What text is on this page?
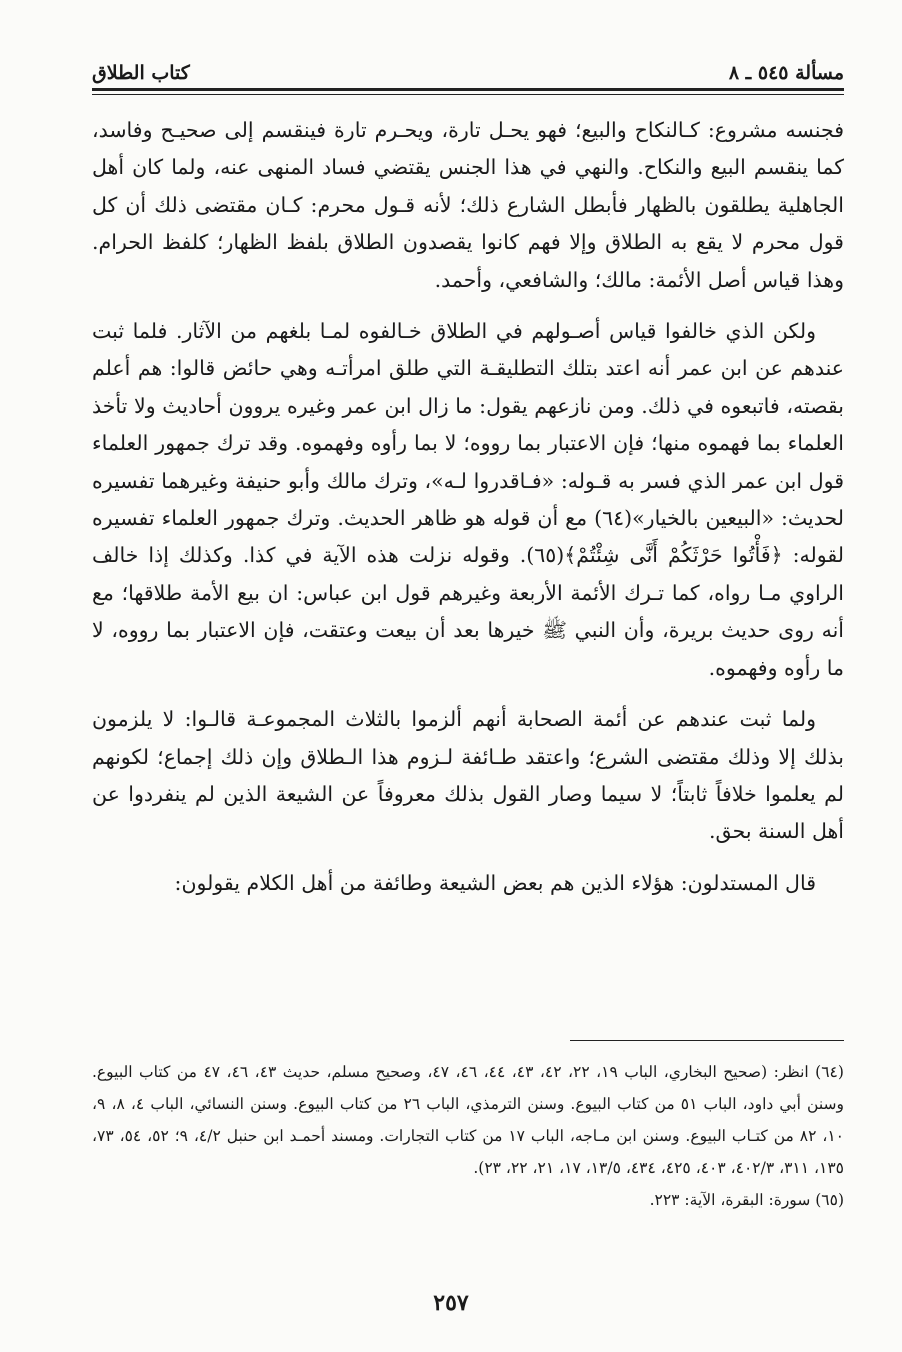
مسألة ٥٤٥ ـ ٨
كتاب الطلاق

فجنسه مشروع: كـالنكاح والبيع؛ فهو يحـل تارة، ويحـرم تارة فينقسم إلى صحيـح وفاسد، كما ينقسم البيع والنكاح. والنهي في هذا الجنس يقتضي فساد المنهى عنه، ولما كان أهل الجاهلية يطلقون بالظهار فأبطل الشارع ذلك؛ لأنه قـول محرم: كـان مقتضى ذلك أن كل قول محرم لا يقع به الطلاق وإلا فهم كانوا يقصدون الطلاق بلفظ الظهار؛ كلفظ الحرام. وهذا قياس أصل الأئمة: مالك؛ والشافعي، وأحمد.

ولكن الذي خالفوا قياس أصـولهم في الطلاق خـالفوه لمـا بلغهم من الآثار. فلما ثبت عندهم عن ابن عمر أنه اعتد بتلك التطليقـة التي طلق امرأتـه وهي حائض قالوا: هم أعلم بقصته، فاتبعوه في ذلك. ومن نازعهم يقول: ما زال ابن عمر وغيره يروون أحاديث ولا تأخذ العلماء بما فهموه منها؛ فإن الاعتبار بما رووه؛ لا بما رأوه وفهموه. وقد ترك جمهور العلماء قول ابن عمر الذي فسر به قـوله: «فـاقدروا لـه»، وترك مالك وأبو حنيفة وغيرهما تفسيره لحديث: «البيعين بالخيار»(٦٤) مع أن قوله هو ظاهر الحديث. وترك جمهور العلماء تفسيره لقوله: ﴿فَأْتُوا حَرْثَكُمْ أَنَّى شِئْتُمْ﴾(٦٥). وقوله نزلت هذه الآية في كذا. وكذلك إذا خالف الراوي مـا رواه، كما تـرك الأئمة الأربعة وغيرهم قول ابن عباس: ان بيع الأمة طلاقها؛ مع أنه روى حديث بريرة، وأن النبي ﷺ خيرها بعد أن بيعت وعتقت، فإن الاعتبار بما رووه، لا ما رأوه وفهموه.

ولما ثبت عندهم عن أئمة الصحابة أنهم ألزموا بالثلاث المجموعـة قالـوا: لا يلزمون بذلك إلا وذلك مقتضى الشرع؛ واعتقد طـائفة لـزوم هذا الـطلاق وإن ذلك إجماع؛ لكونهم لم يعلموا خلافاً ثابتاً؛ لا سيما وصار القول بذلك معروفاً عن الشيعة الذين لم ينفردوا عن أهل السنة بحق.

قال المستدلون: هؤلاء الذين هم بعض الشيعة وطائفة من أهل الكلام يقولون:

(٦٤) انظر: (صحيح البخاري، الباب ١٩، ٢٢، ٤٢، ٤٣، ٤٤، ٤٦، ٤٧، وصحيح مسلم، حديث ٤٣، ٤٦، ٤٧ من كتاب البيوع. وسنن أبي داود، الباب ٥١ من كتاب البيوع. وسنن الترمذي، الباب ٢٦ من كتاب البيوع. وسنن النسائي، الباب ٤، ٨، ٩، ١٠، ٨٢ من كتـاب البيوع. وسنن ابن مـاجه، الباب ١٧ من كتاب التجارات. ومسند أحمـد ابن حنبل ٤/٢، ٩؛ ٥٢، ٥٤، ٧٣، ١٣٥، ٣١١، ٤٠٢/٣، ٤٠٣، ٤٢٥، ٤٣٤، ١٣/٥، ١٧، ٢١، ٢٢، ٢٣).

(٦٥) سورة: البقرة، الآية: ٢٢٣.

٢٥٧
